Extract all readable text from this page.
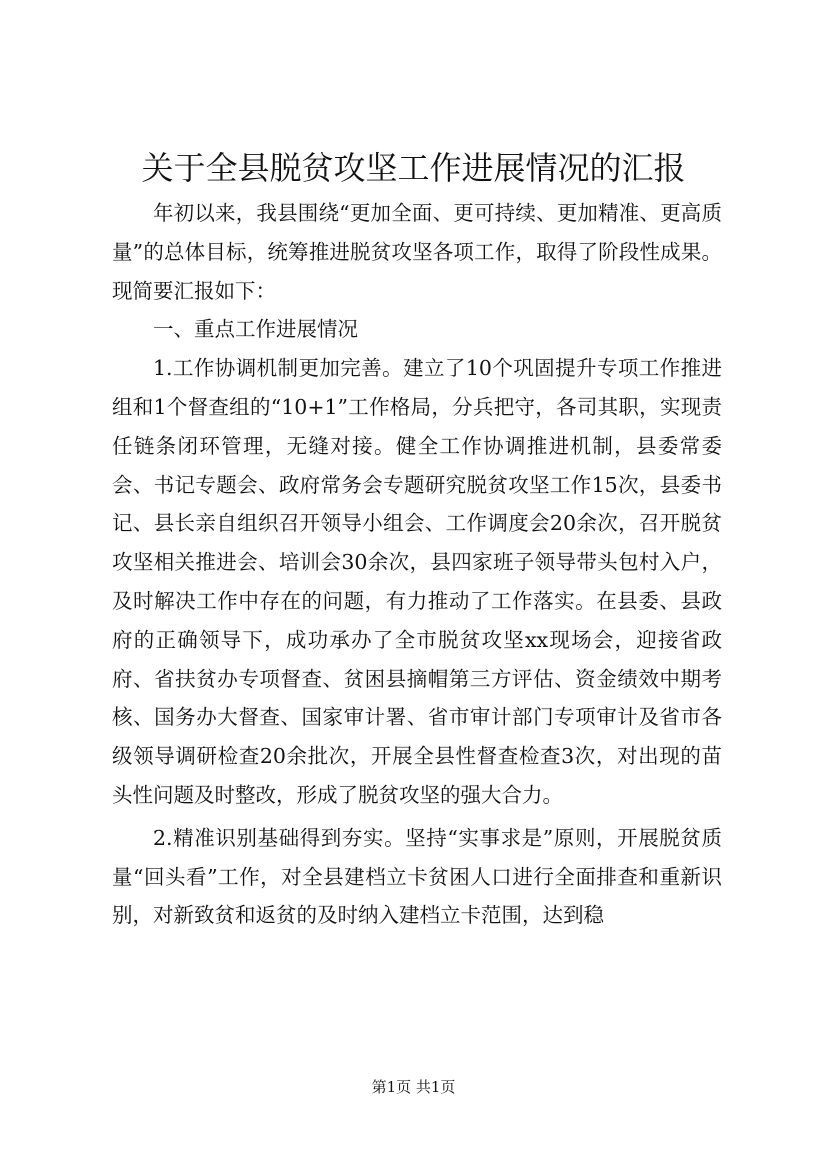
关于全县脱贫攻坚工作进展情况的汇报

年初以来，我县围绕“更加全面、更可持续、更加精准、更高质量”的总体目标，统筹推进脱贫攻坚各项工作，取得了阶段性成果。现简要汇报如下：

一、重点工作进展情况

1.工作协调机制更加完善。建立了10个巩固提升专项工作推进组和1个督查组的“10+1”工作格局，分兵把守，各司其职，实现责任链条闭环管理，无缝对接。健全工作协调推进机制，县委常委会、书记专题会、政府常务会专题研究脱贫攻坚工作15次，县委书记、县长亲自组织召开领导小组会、工作调度会20余次，召开脱贫攻坚相关推进会、培训会30余次，县四家班子领导带头包村入户，及时解决工作中存在的问题，有力推动了工作落实。在县委、县政府的正确领导下，成功承办了全市脱贫攻坚xx现场会，迎接省政府、省扶贫办专项督查、贫困县摘帽第三方评估、资金绩效中期考核、国务办大督查、国家审计署、省市审计部门专项审计及省市各级领导调研检查20余批次，开展全县性督查检查3次，对出现的苗头性问题及时整改，形成了脱贫攻坚的强大合力。

2.精准识别基础得到夯实。坚持“实事求是”原则，开展脱贫质量“回头看”工作，对全县建档立卡贫困人口进行全面排查和重新识别，对新致贫和返贫的及时纳入建档立卡范围，达到稳

第1页 共1页
